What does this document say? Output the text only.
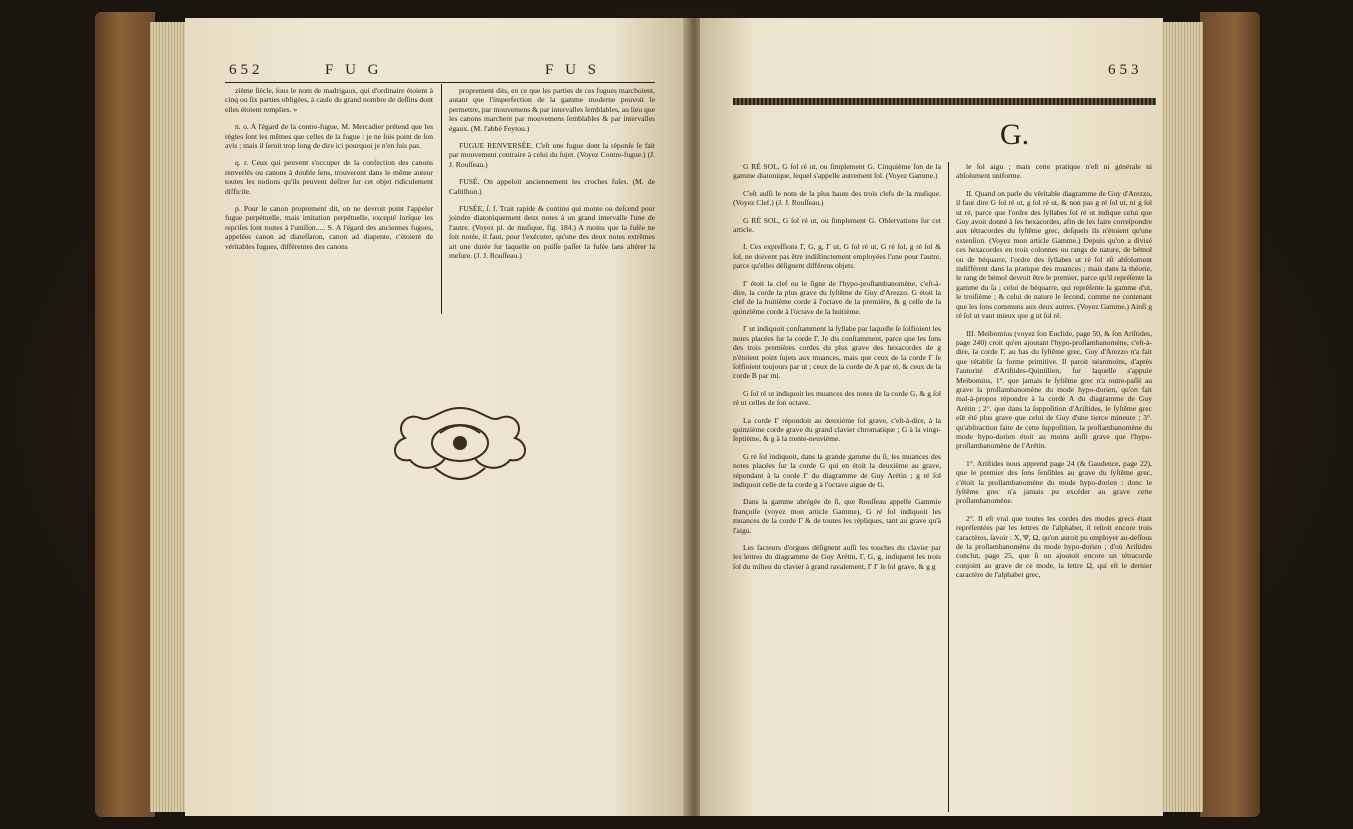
652	F U G	F U S

zième ſiècle, ſous le nom de madrigaux, qui d'ordinaire étoient à cinq ou ſix parties obligées, à cauſe du grand nombre de deſſins dont elles étoient remplies. »

n. o. A l'égard de la contre-fugue, M. Mercadier prétend que les règles ſont les mêmes que celles de la fugue : je ne ſuis point de ſon avis ; mais il ſeroit trop long de dire ici pourquoi je n'en ſuis pas.

q. r. Ceux qui peuvent s'occuper de la confection des canons renverſés ou canons à double ſens, trouveront dans le même auteur toutes les notions qu'ils peuvent deſirer ſur cet objet ridiculement difficile.

p. Pour le canon proprement dit, on ne devroit point l'appeler fugue perpétuelle, mais imitation perpétuelle, excepté lorſque les repriſes ſont toutes à l'uniſſon..... S. A l'égard des anciennes fugues, appelées canon ad diateſſaron, canon ad diapente, c'étoient de véritables fugues, différentes des canons

proprement dits, en ce que les parties de ces fugues marchoient, autant que l'imperfection de la gamme moderne pouvoit le permettre, par mouvemens & par intervalles ſemblables, au lieu que les canons marchent par mouvemens ſemblables & par intervalles égaux. (M. l'abbé Feytou.)

FUGUE RENVERSÉE. C'eſt une fugue dont la réponſe ſe fait par mouvement contraire à celui du ſujet. (Voyez Contre-fugue.) (J. J. Rouſſeau.)

FUSÉ. On appeloit anciennement les croches fuſes. (M. de Caſtilhon.)

FUSÉE, ſ. f. Trait rapide & continu qui monte ou deſcend pour joindre diatoniquement deux notes à un grand intervalle l'une de l'autre. (Voyez pl. de muſique, fig. 184.) A moins que la fuſée ne ſoit notée, il faut, pour l'exécuter, qu'une des deux notes extrêmes ait une durée ſur laquelle on puiſſe paſſer la fuſée ſans altérer la meſure. (J. J. Rouſſeau.)

653
G.

G RÉ SOL, G ſol ré ut, ou ſimplement G. Cinquième ſon de la gamme diatonique, lequel s'appelle autrement ſol. (Voyez Gamme.)

C'eſt auſſi le nom de la plus haute des trois clefs de la muſique. (Voyez Clef.) (J. J. Rouſſeau.)

G RÉ SOL, G ſol ré ut, ou ſimplement G. Obſervations ſur cet article.

I. Ces expreſſions Γ, G, g, Γ ut, G ſol ré ut, G ré ſol, g ré ſol & ſol, ne doivent pas être indiſtinctement employées l'une pour l'autre, parce qu'elles déſignent différens objets.

Γ étoit la clef ou le ſigne de l'hypo-proſlambanomène, c'eſt-à-dire, la corde la plus grave du ſyſtême de Guy d'Arezzo. G étoit la clef de la huitième corde à l'octave de la première, & g celle de la quinzième corde à l'octave de la huitième.

Γ ut indiquoit conſtamment la ſyllabe par laquelle ſe ſolfioient les notes placées ſur la corde Γ. Je dis conſtamment, parce que les ſons des trois premières cordes du plus grave des hexacordes de g n'étoient point ſujets aux muances, mais que ceux de la corde Γ ſe ſolfioient toujours par ut ; ceux de la corde de A par ré, & ceux de la corde B par mi.

G ſol ré ut indiquoit les muances des notes de la corde G, & g ſol ré ut celles de ſon octave.

La corde Γ répondoit au deuxième ſol grave, c'eſt-à-dire, à la quinzième corde grave du grand clavier chromatique ; G à la vingt-ſeptième, & g à la trente-neuvième.

G ré ſol indiquoit, dans la grande gamme du ſi, les muances des notes placées ſur la corde G qui en étoit la deuxième au grave, répondant à la corde Γ du diagramme de Guy Arétin ; g ré ſol indiquoit celle de la corde g à l'octave aigue de G.

Dans la gamme abrégée de ſi, que Rouſſeau appelle Gammie françoiſe (voyez mon article Gamme), G ré ſol indiquoit les muances de la corde Γ & de toutes les répliques, tant au grave qu'à l'aigu.

Les facteurs d'orgues déſignent auſſi les touches du clavier par les lettres du diagramme de Guy Arétin, Γ, G, g, indiquent les trois ſol du milieu du clavier à grand ravalement, Γ Γ le ſol grave, & g g

le ſol aigu ; mais cette pratique n'eſt ni générale ni abſolument uniforme.

II. Quand on parle du véritable diagramme de Guy d'Arezzo, il faut dire G ſol ré ut, g ſol ré ut, & non pas g ré ſol ut, ni g ſol ut ré, parce que l'ordre des ſyllabes ſol ré ut indique celui que Guy avoit donné à ſes hexacordes, afin de les faire correſpondre aux tétracordes du ſyſtême grec, deſquels ils n'étoient qu'une extenſion. (Voyez mon article Gamme.) Depuis qu'on a divisé ces hexacordes en trois colonnes ou rangs de nature, de bémol ou de béquarre, l'ordre des ſyllabes ut ré ſol eſt abſolument indifférent dans la pratique des muances ; mais dans la théorie, le rang de bémol devroit être le premier, parce qu'il repréſente la gamme du ſa ; celui de béquarre, qui repréſente la gamme d'ut, le troiſième ; & celui de nature le ſecond, comme ne contenant que les ſons communs aux deux autres. (Voyez Gamme.) Ainſi g ré ſol ut vaut mieux que g ut ſol ré.

III. Meibomius (voyez ſon Euclide, page 50, & ſon Ariſtides, page 240) croit qu'en ajoutant l'hypo-proſlambanomène, c'eſt-à-dire, la corde Γ, au bas du ſyſtême grec, Guy d'Arezzo n'a fait que rétablir ſa forme primitive. Il paroit néanmoins, d'après l'autorité d'Ariſtides-Quintilien, ſur laquelle s'appuie Meibomius, 1°. que jamais le ſyſtême grec n'a outre-paſſé au grave la proſlambanomène du mode hypo-dorien, qu'on fait mal-à-propos répondre à la corde A du diagramme de Guy Arétin ; 2°. que dans la ſuppoſition d'Ariſtides, le ſyſtême grec eût été plus grave que celui de Guy d'une tierce mineure ; 3°. qu'abſtraction faite de cette ſuppoſition, la proſlambanomène du mode hypo-dorien étoit au moins auſſi grave que l'hypo-proſlambanomène de l'Arétin.

1°. Ariſtides nous apprend page 24 (& Gaudence, page 22), que le premier des ſons ſenſibles au grave du ſyſtême grec, c'étoit la proſlambanomène du mode hypo-dorien : donc le ſyſtême grec n'a jamais pu excéder au grave cette proſlambanomène.

2°. Il eſt vrai que toutes les cordes des modes grecs étant repréſentées par les lettres de l'alphabet, il reſtoit encore trois caractères, ſavoir : Χ, Ψ, Ω, qu'on auroit pu employer au-deſſous de la proſlambanomène du mode hypo-dorien ; d'où Ariſtides conclut, page 25, que ſi on ajoutoit encore un tétracorde conjoint au grave de ce mode, la lettre Ω, qui eſt le dernier caractère de l'alphabet grec,
